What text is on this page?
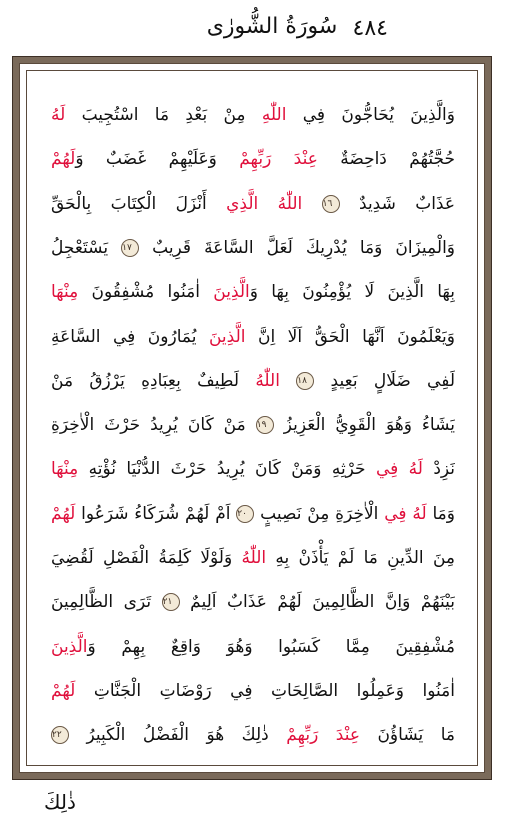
٤٨٤
سُورَةُ الشُّورٰى
وَالَّذِينَ يُحَاجُّونَ فِي اللّٰهِ مِنْ بَعْدِ مَا اسْتُجِيبَ لَهُ
حُجَّتُهُمْ دَاحِضَةٌ عِنْدَ رَبِّهِمْ وَعَلَيْهِمْ غَضَبٌ وَلَهُمْ
عَذَابٌ شَدِيدٌ ١٦ اللّٰهُ الَّذِي أَنْزَلَ الْكِتَابَ بِالْحَقِّ
وَالْمِيزَانَ وَمَا يُدْرِيكَ لَعَلَّ السَّاعَةَ قَرِيبٌ ١٧ يَسْتَعْجِلُ
بِهَا الَّذِينَ لَا يُؤْمِنُونَ بِهَا وَالَّذِينَ اٰمَنُوا مُشْفِقُونَ مِنْهَا
وَيَعْلَمُونَ اَنَّهَا الْحَقُّ اَلَا اِنَّ الَّذِينَ يُمَارُونَ فِي السَّاعَةِ
لَفِي ضَلَالٍ بَعِيدٍ ١٨ اللّٰهُ لَطِيفٌ بِعِبَادِهِ يَرْزُقُ مَنْ
يَشَاءُ وَهُوَ الْقَوِيُّ الْعَزِيزُ ١٩ مَنْ كَانَ يُرِيدُ حَرْثَ الْاٰخِرَةِ
نَزِدْ لَهُ فِي حَرْثِهِ وَمَنْ كَانَ يُرِيدُ حَرْثَ الدُّنْيَا نُؤْتِهِ مِنْهَا
وَمَا لَهُ فِي الْاٰخِرَةِ مِنْ نَصِيبٍ ٢٠ اَمْ لَهُمْ شُرَكَاءُ شَرَعُوا لَهُمْ
مِنَ الدِّينِ مَا لَمْ يَأْذَنْ بِهِ اللّٰهُ وَلَوْلَا كَلِمَةُ الْفَصْلِ لَقُضِيَ
بَيْنَهُمْ وَاِنَّ الظَّالِمِينَ لَهُمْ عَذَابٌ اَلِيمٌ ٢١ تَرَى الظَّالِمِينَ
مُشْفِقِينَ مِمَّا كَسَبُوا وَهُوَ وَاقِعٌ بِهِمْ وَالَّذِينَ
اٰمَنُوا وَعَمِلُوا الصَّالِحَاتِ فِي رَوْضَاتِ الْجَنَّاتِ لَهُمْ
مَا يَشَاؤُنَ عِنْدَ رَبِّهِمْ ذٰلِكَ هُوَ الْفَضْلُ الْكَبِيرُ ٢٢
ذٰلِكَ
